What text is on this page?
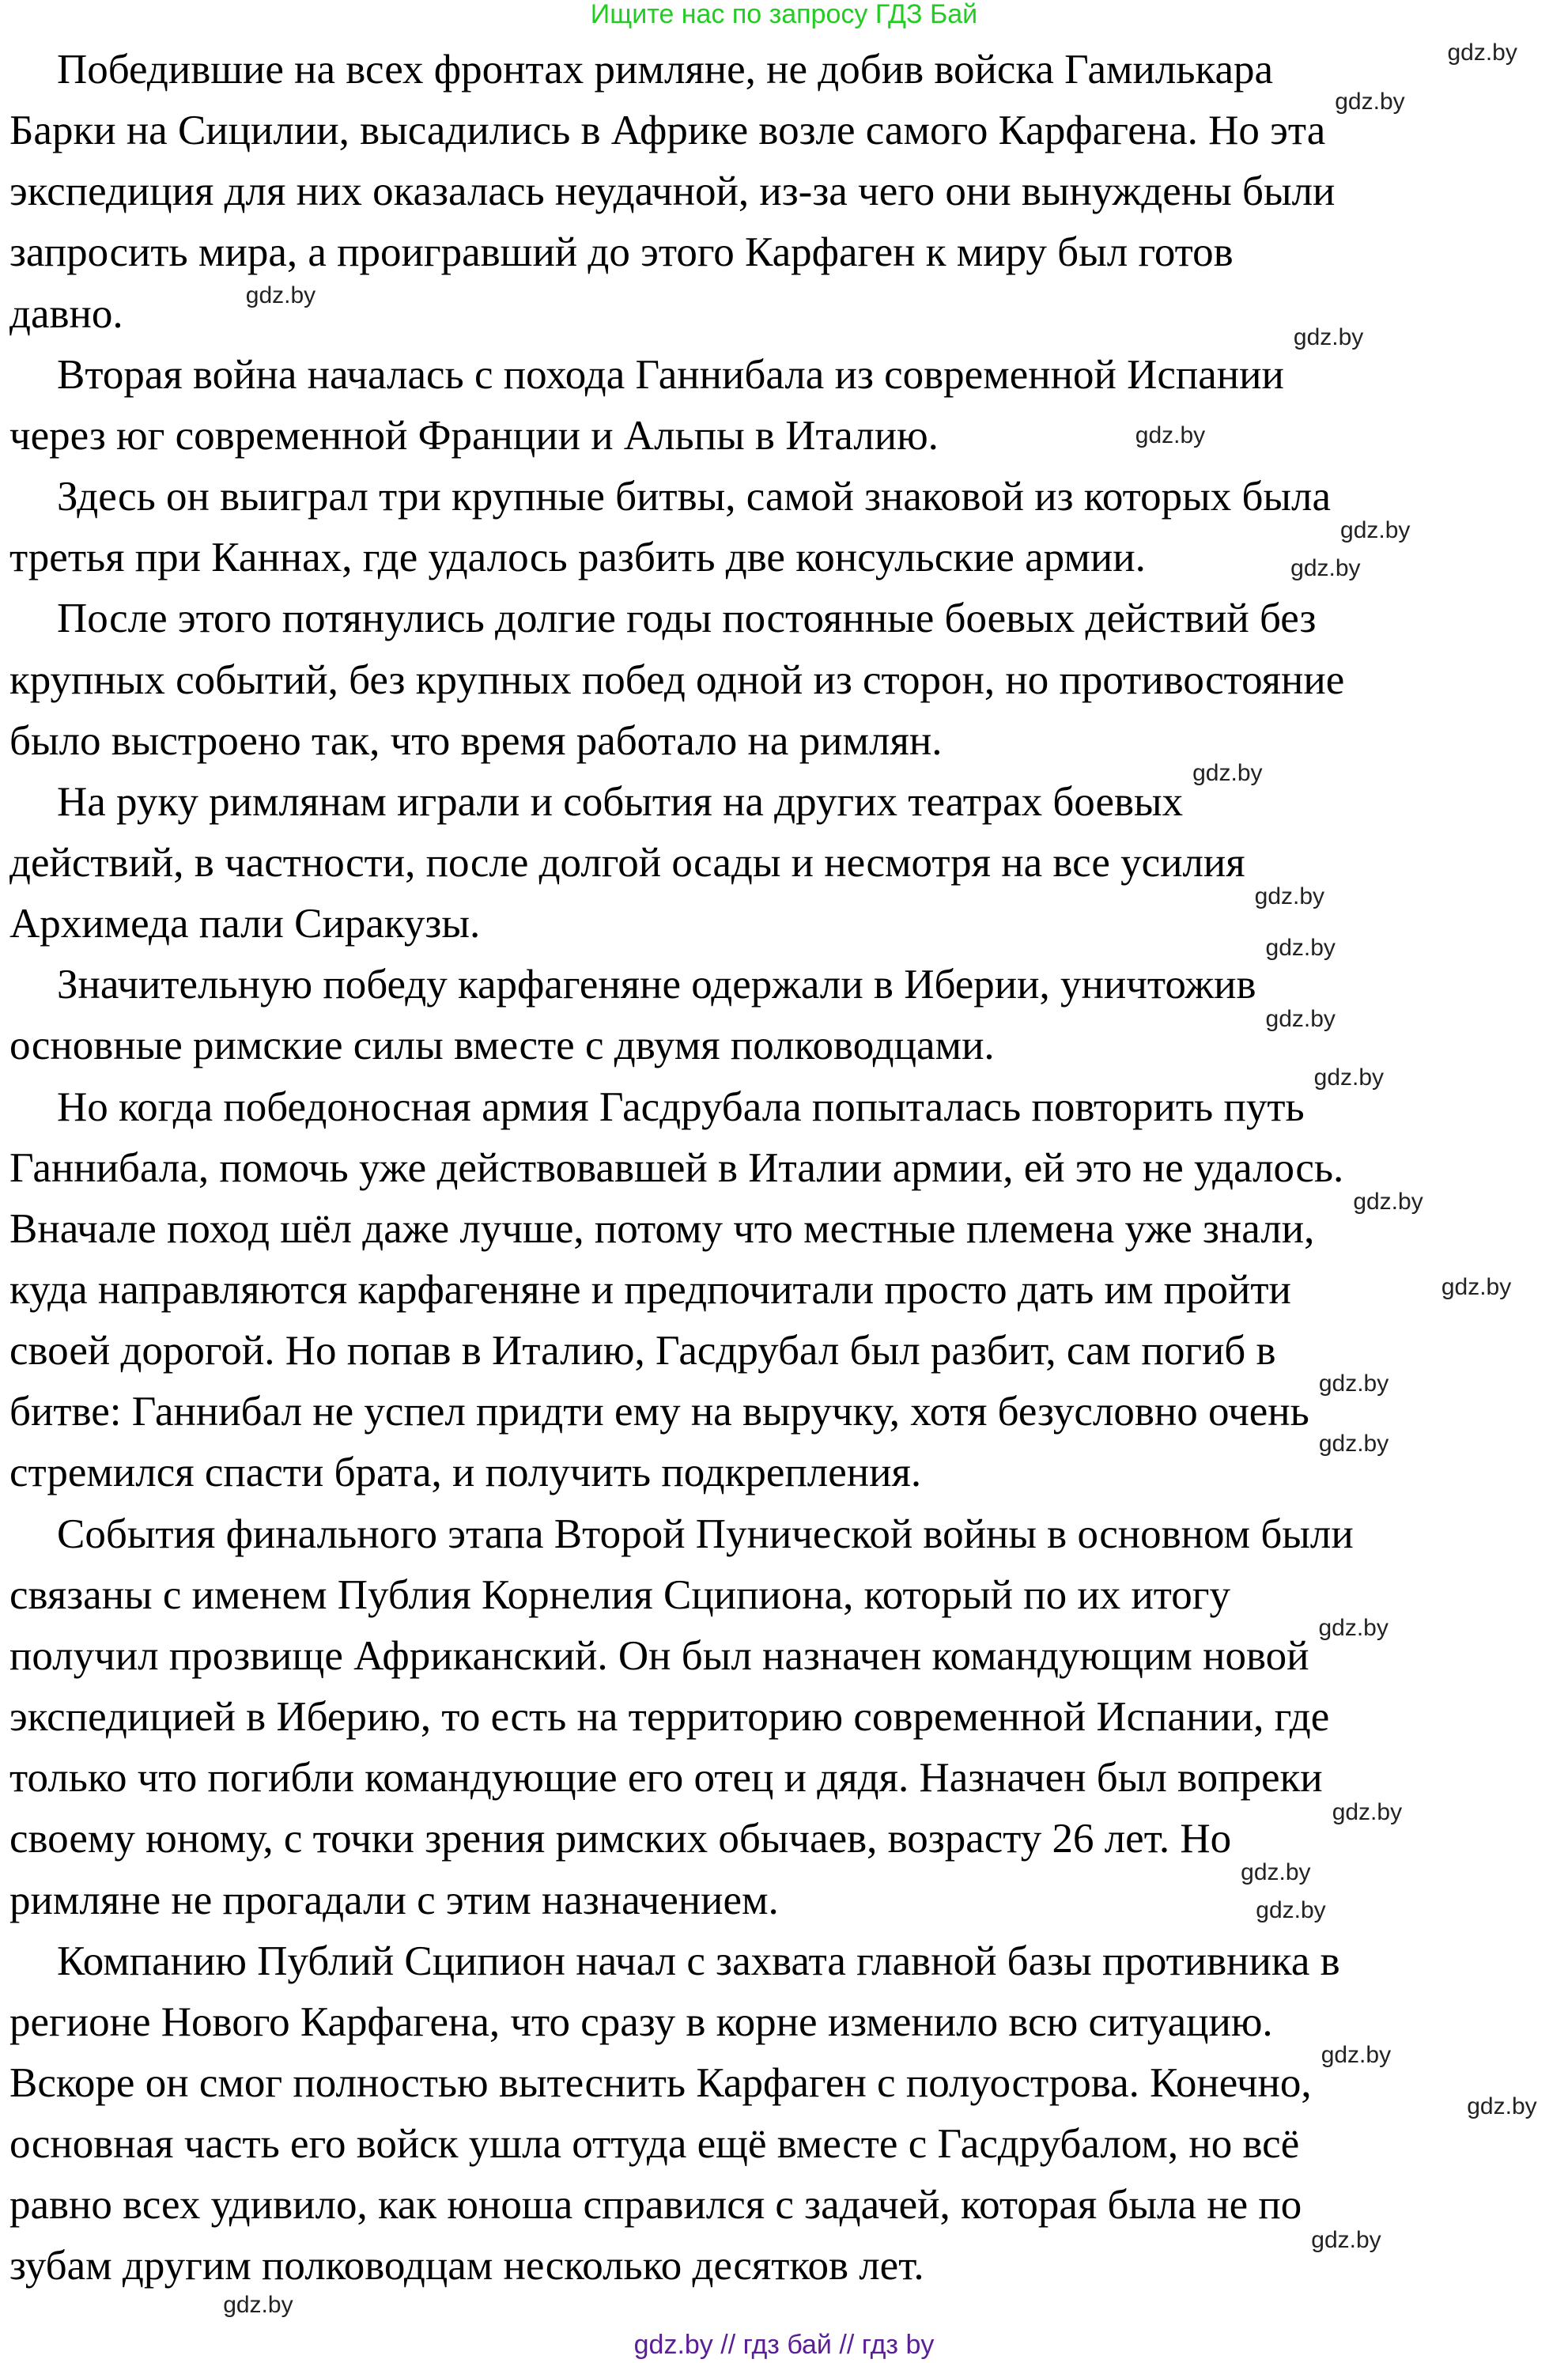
Ищите нас по запросу ГДЗ Бай
Победившие на всех фронтах римляне, не добив войска Гамилькара
Барки на Сицилии, высадились в Африке возле самого Карфагена. Но эта
экспедиция для них оказалась неудачной, из-за чего они вынуждены были
запросить мира, а проигравший до этого Карфаген к миру был готов
давно.
Вторая война началась с похода Ганнибала из современной Испании
через юг современной Франции и Альпы в Италию.
Здесь он выиграл три крупные битвы, самой знаковой из которых была
третья при Каннах, где удалось разбить две консульские армии.
После этого потянулись долгие годы постоянные боевых действий без
крупных событий, без крупных побед одной из сторон, но противостояние
было выстроено так, что время работало на римлян.
На руку римлянам играли и события на других театрах боевых
действий, в частности, после долгой осады и несмотря на все усилия
Архимеда пали Сиракузы.
Значительную победу карфагеняне одержали в Иберии, уничтожив
основные римские силы вместе с двумя полководцами.
Но когда победоносная армия Гасдрубала попыталась повторить путь
Ганнибала, помочь уже действовавшей в Италии армии, ей это не удалось.
Вначале поход шёл даже лучше, потому что местные племена уже знали,
куда направляются карфагеняне и предпочитали просто дать им пройти
своей дорогой. Но попав в Италию, Гасдрубал был разбит, сам погиб в
битве: Ганнибал не успел придти ему на выручку, хотя безусловно очень
стремился спасти брата, и получить подкрепления.
События финального этапа Второй Пунической войны в основном были
связаны с именем Публия Корнелия Сципиона, который по их итогу
получил прозвище Африканский. Он был назначен командующим новой
экспедицией в Иберию, то есть на территорию современной Испании, где
только что погибли командующие его отец и дядя. Назначен был вопреки
своему юному, с точки зрения римских обычаев, возрасту 26 лет. Но
римляне не прогадали с этим назначением.
Компанию Публий Сципион начал с захвата главной базы противника в
регионе Нового Карфагена, что сразу в корне изменило всю ситуацию.
Вскоре он смог полностью вытеснить Карфаген с полуострова. Конечно,
основная часть его войск ушла оттуда ещё вместе с Гасдрубалом, но всё
равно всех удивило, как юноша справился с задачей, которая была не по
зубам другим полководцам несколько десятков лет.
gdz.by
gdz.by
gdz.by
gdz.by
gdz.by
gdz.by
gdz.by
gdz.by
gdz.by
gdz.by
gdz.by
gdz.by
gdz.by
gdz.by
gdz.by
gdz.by
gdz.by
gdz.by
gdz.by
gdz.by
gdz.by
gdz.by
gdz.by
gdz.by
gdz.by // гдз бай // гдз by
